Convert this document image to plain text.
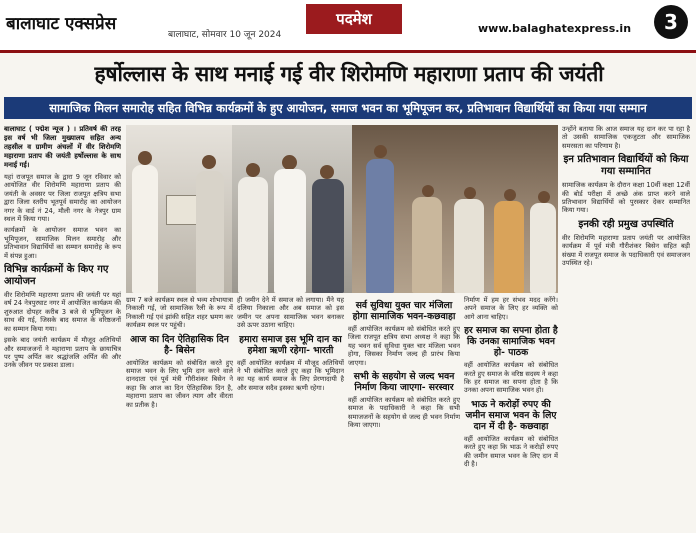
बालाघाट एक्सप्रेस
बालाघाट, सोमवार 10 जून 2024
पदमेश
www.balaghatexpress.in	3
हर्षोल्लास के साथ मनाई गई वीर शिरोमणि महाराणा प्रताप की जयंती
सामाजिक मिलन समारोह सहित विभिन्न कार्यक्रमों के हुए आयोजन, समाज भवन का भूमिपूजन कर, प्रतिभावान विद्यार्थियों का किया गया सम्मान

बालाघाट ( पद्मेश न्यूज ) । प्रतिवर्ष की तरह इस वर्ष भी जिला मुख्यालय सहित अन्य तहसील व ग्रामीण अंचलों में वीर शिरोमणि महाराणा प्रताप की जयंती हर्षोल्लास के साथ मनाई गई।

यहां राजपूत समाज के द्वारा 9 जून रविवार को आयोजित वीर शिरोमणि महाराणा प्रताप की जयंती के अवसर पर जिला राजपूत क्षत्रिय सभा द्वारा जिला स्तरीय भूतपूर्व समारोह का आयोजन नगर के वार्ड नं 24, मौली नगर के नेत्रपुर ग्राम स्थल में किया गया।

कार्यक्रमों के आयोजन समाज भवन का भूमिपूजन, सामाजिक मिलन समारोह और प्रतिभावान विद्यार्थियों का सम्मान समारोह के रूप में संपन्न हुआ।

विभिन्न कार्यक्रमों के किए गए आयोजन

वीर शिरोमणि महाराणा प्रताप की जयंती पर यहां वर्ष 24 नेत्रपुरघाट नगर में आयोजित कार्यक्रम की शुरुआत दोपहर करीब 3 बजे से भूमिपूजन के साथ की गई, जिसके बाद समाज के वरिष्ठजनों का सम्मान किया गया।

इसके बाद जयंती कार्यक्रम में मौजूद अतिथियों और समाजजनों ने महाराणा प्रताप के छायाचित्र पर पुष्प अर्पित कर श्रद्धांजलि अर्पित की और उनके जीवन पर प्रकाश डाला।

ग्राम 7 बजे कार्यक्रम स्थल से भव्य शोभायात्रा निकाली गई, जो सामाजिक रैली के रूप में निकाली गई एवं झांकी सहित शहर भ्रमण कर कार्यक्रम स्थल पर पहुंची।

आज का दिन ऐतिहासिक दिन है- बिसेन

आयोजित कार्यक्रम को संबोधित करते हुए समाज भवन के लिए भूमि दान करने वाले दानदाता एवं पूर्व मंत्री गौरीशंकर बिसेन ने कहा कि आज का दिन ऐतिहासिक दिन है, महाराणा प्रताप का जीवन त्याग और वीरता का प्रतीक है।

ही जमीन देने में समाज को लगाया। मैंने यह दलिया निकाला और अब समाज को इस जमीन पर अपना सामाजिक भवन बनाकर उसे ऊपर उठाना चाहिए।

हमारा समाज इस भूमि दान का हमेशा ऋणी रहेगा- भारती

वहीं आयोजित कार्यक्रम में मौजूद अतिथियों ने भी संबोधित करते हुए कहा कि भूमिदान का यह कार्य समाज के लिए प्रेरणादायी है और समाज सदैव इसका ऋणी रहेगा।

सर्व सुविधा युक्त चार मंजिला होगा सामाजिक भवन-कछवाहा

वहीं आयोजित कार्यक्रम को संबोधित करते हुए जिला राजपूत क्षत्रिय सभा अध्यक्ष ने कहा कि यह भवन सर्व सुविधा युक्त चार मंजिला भवन होगा, जिसका निर्माण जल्द ही प्रारंभ किया जाएगा।

सभी के सहयोग से जल्द भवन निर्माण किया जाएगा- सरस्वार

वहीं आयोजित कार्यक्रम को संबोधित करते हुए समाज के पदाधिकारी ने कहा कि सभी समाजजनों के सहयोग से जल्द ही भवन निर्माण किया जाएगा।

निर्माण में हम हर संभव मदद करेंगे। अपने समाज के लिए हर व्यक्ति को आगे आना चाहिए।

हर समाज का सपना होता है कि उनका सामाजिक भवन हो- पाठक

वहीं आयोजित कार्यक्रम को संबोधित करते हुए समाज के वरिष्ठ सदस्य ने कहा कि हर समाज का सपना होता है कि उनका अपना सामाजिक भवन हो।

भाऊ ने करोड़ों रुपए की जमीन समाज भवन के लिए दान में दी है- कछवाहा

वहीं आयोजित कार्यक्रम को संबोधित करते हुए कहा कि भाऊ ने करोड़ों रुपए की जमीन समाज भवन के लिए दान में दी है।

उन्होंने बताया कि आज समाज यह दान कर पा रहा है तो उसकी सामाजिक एकजुटता और सामाजिक समरसता का परिणाम है।

इन प्रतिभावान विद्यार्थियों को किया गया सम्मानित

सामाजिक कार्यक्रम के दौरान कक्षा 10वीं कक्षा 12वीं की बोर्ड परीक्षा में अच्छे अंक प्राप्त करने वाले प्रतिभावान विद्यार्थियों को पुरस्कार देकर सम्मानित किया गया।

इनकी रही प्रमुख उपस्थिति

वीर शिरोमणि महाराणा प्रताप जयंती पर आयोजित कार्यक्रम में पूर्व मंत्री गौरीशंकर बिसेन सहित बड़ी संख्या में राजपूत समाज के पदाधिकारी एवं समाजजन उपस्थित रहे।
